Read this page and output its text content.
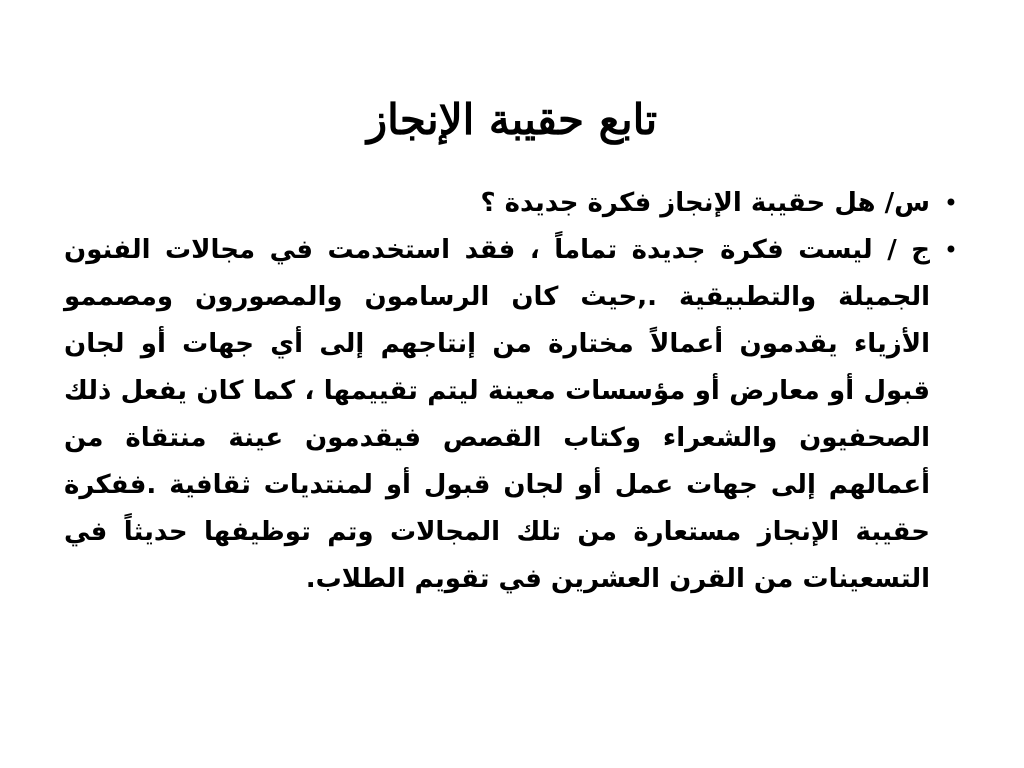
تابع حقيبة الإنجاز
•
س/ هل حقيبة الإنجاز فكرة جديدة ؟
•
ج / ليست فكرة جديدة تماماً ، فقد استخدمت في مجالات الفنون الجميلة والتطبيقية .,حيث كان الرسامون والمصورون ومصممو الأزياء يقدمون أعمالاً مختارة من إنتاجهم إلى أي جهات أو لجان قبول أو معارض أو مؤسسات معينة ليتم تقييمها ، كما كان يفعل ذلك الصحفيون والشعراء وكتاب القصص فيقدمون عينة منتقاة من أعمالهم إلى جهات عمل أو لجان قبول أو لمنتديات ثقافية .ففكرة حقيبة الإنجاز مستعارة من تلك المجالات وتم توظيفها حديثاً في التسعينات من القرن العشرين في تقويم الطلاب.
